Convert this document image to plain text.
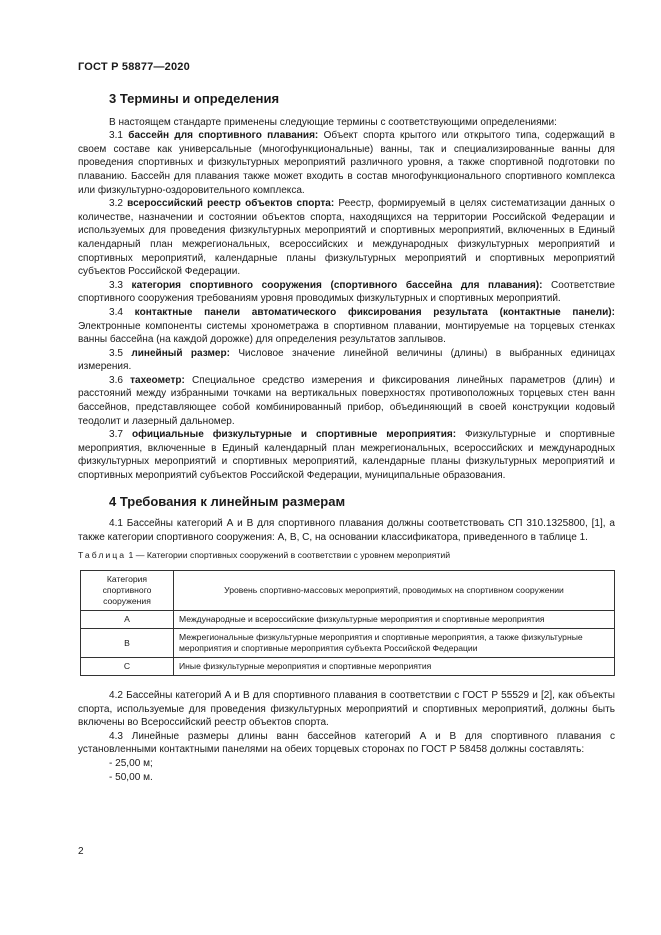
ГОСТ Р 58877—2020
3 Термины и определения

В настоящем стандарте применены следующие термины с соответствующими определениями:

3.1 бассейн для спортивного плавания: Объект спорта крытого или открытого типа, содержащий в своем составе как универсальные (многофункциональные) ванны, так и специализированные ванны для проведения спортивных и физкультурных мероприятий различного уровня, а также спортивной подготовки по плаванию. Бассейн для плавания также может входить в состав многофункционального спортивного комплекса или физкультурно-оздоровительного комплекса.

3.2 всероссийский реестр объектов спорта: Реестр, формируемый в целях систематизации данных о количестве, назначении и состоянии объектов спорта, находящихся на территории Российской Федерации и используемых для проведения физкультурных мероприятий и спортивных мероприятий, включенных в Единый календарный план межрегиональных, всероссийских и международных физкультурных мероприятий и спортивных мероприятий, календарные планы физкультурных мероприятий и спортивных мероприятий субъектов Российской Федерации.

3.3 категория спортивного сооружения (спортивного бассейна для плавания): Соответствие спортивного сооружения требованиям уровня проводимых физкультурных и спортивных мероприятий.

3.4 контактные панели автоматического фиксирования результата (контактные панели): Электронные компоненты системы хронометража в спортивном плавании, монтируемые на торцевых стенках ванны бассейна (на каждой дорожке) для определения результатов заплывов.

3.5 линейный размер: Числовое значение линейной величины (длины) в выбранных единицах измерения.

3.6 тахеометр: Специальное средство измерения и фиксирования линейных параметров (длин) и расстояний между избранными точками на вертикальных поверхностях противоположных торцевых стен ванн бассейнов, представляющее собой комбинированный прибор, объединяющий в своей конструкции кодовый теодолит и лазерный дальномер.

3.7 официальные физкультурные и спортивные мероприятия: Физкультурные и спортивные мероприятия, включенные в Единый календарный план межрегиональных, всероссийских и международных физкультурных мероприятий и спортивных мероприятий, календарные планы физкультурных мероприятий и спортивных мероприятий субъектов Российской Федерации, муниципальные образования.

4 Требования к линейным размерам

4.1 Бассейны категорий А и В для спортивного плавания должны соответствовать СП 310.1325800, [1], а также категории спортивного сооружения: А, В, С, на основании классификатора, приведенного в таблице 1.

Таблица 1 — Категории спортивных сооружений в соответствии с уровнем мероприятий

Категория спортивного сооружения	Уровень спортивно-массовых мероприятий, проводимых на спортивном сооружении
А	Международные и всероссийские физкультурные мероприятия и спортивные мероприятия
В	Межрегиональные физкультурные мероприятия и спортивные мероприятия, а также физкультурные мероприятия и спортивные мероприятия субъекта Российской Федерации
С	Иные физкультурные мероприятия и спортивные мероприятия

4.2 Бассейны категорий А и В для спортивного плавания в соответствии с ГОСТ Р 55529 и [2], как объекты спорта, используемые для проведения физкультурных мероприятий и спортивных мероприятий, должны быть включены во Всероссийский реестр объектов спорта.

4.3 Линейные размеры длины ванн бассейнов категорий А и В для спортивного плавания с установленными контактными панелями на обеих торцевых сторонах по ГОСТ Р 58458 должны составлять:

- 25,00 м;

- 50,00 м.

2
